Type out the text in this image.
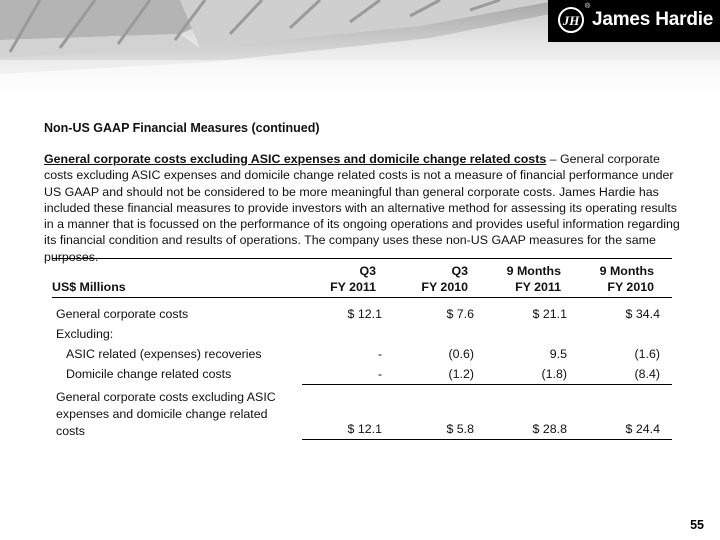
JH
®
James Hardie
Non-US GAAP Financial Measures (continued)
General corporate costs excluding ASIC expenses and domicile change related costs – General corporate costs excluding ASIC expenses and domicile change related costs is not a measure of financial performance under US GAAP and should not be considered to be more meaningful than general corporate costs. James Hardie has included these financial measures to provide investors with an alternative method for assessing its operating results in a manner that is focussed on the performance of its ongoing operations and provides useful information regarding its financial condition and results of operations. The company uses these non-US GAAP measures for the same purposes.

	Q3	Q3	9 Months	9 Months
US$ Millions	FY 2011	FY 2010	FY 2011	FY 2010
General corporate costs	$ 12.1	$ 7.6	$ 21.1	$ 34.4
Excluding:				
ASIC related (expenses) recoveries	-	(0.6)	9.5	(1.6)
Domicile change related costs	-	(1.2)	(1.8)	(8.4)

General corporate costs excluding ASIC
expenses and domicile change related costs	$ 12.1	$ 5.8	$ 28.8	$ 24.4
55
